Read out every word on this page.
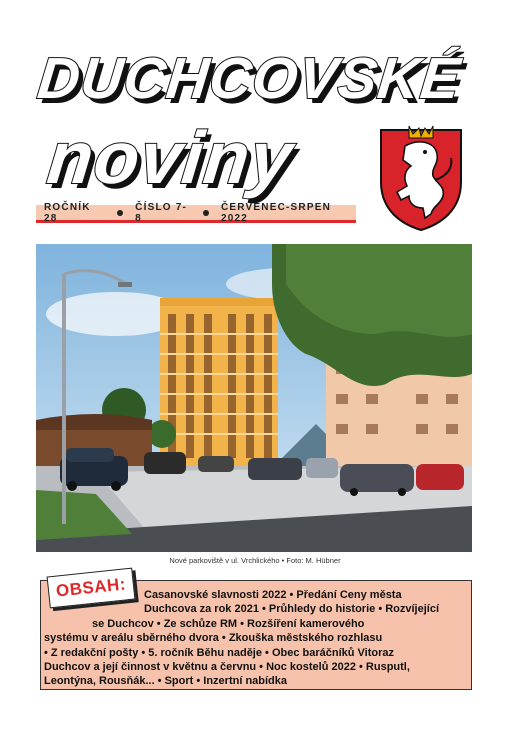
DUCHCOVSKÉ
noviny
ROČNÍK 28
ČÍSLO 7-8
ČERVENEC-SRPEN 2022
Nové parkoviště v ul. Vrchlického • Foto: M. Hübner
OBSAH:	Casanovské slavnosti 2022 • Předání Ceny města
Duchcova za rok 2021 • Průhledy do historie • Rozvíjející
se Duchcov • Ze schůze RM • Rozšíření kamerového
systému v areálu sběrného dvora • Zkouška městského rozhlasu
• Z redakční pošty • 5. ročník Běhu naděje • Obec baráčníků Vitoraz
Duchcov a její činnost v květnu a červnu • Noc kostelů 2022 • Rusputl,
Leontýna, Rousňák... • Sport • Inzertní nabídka
